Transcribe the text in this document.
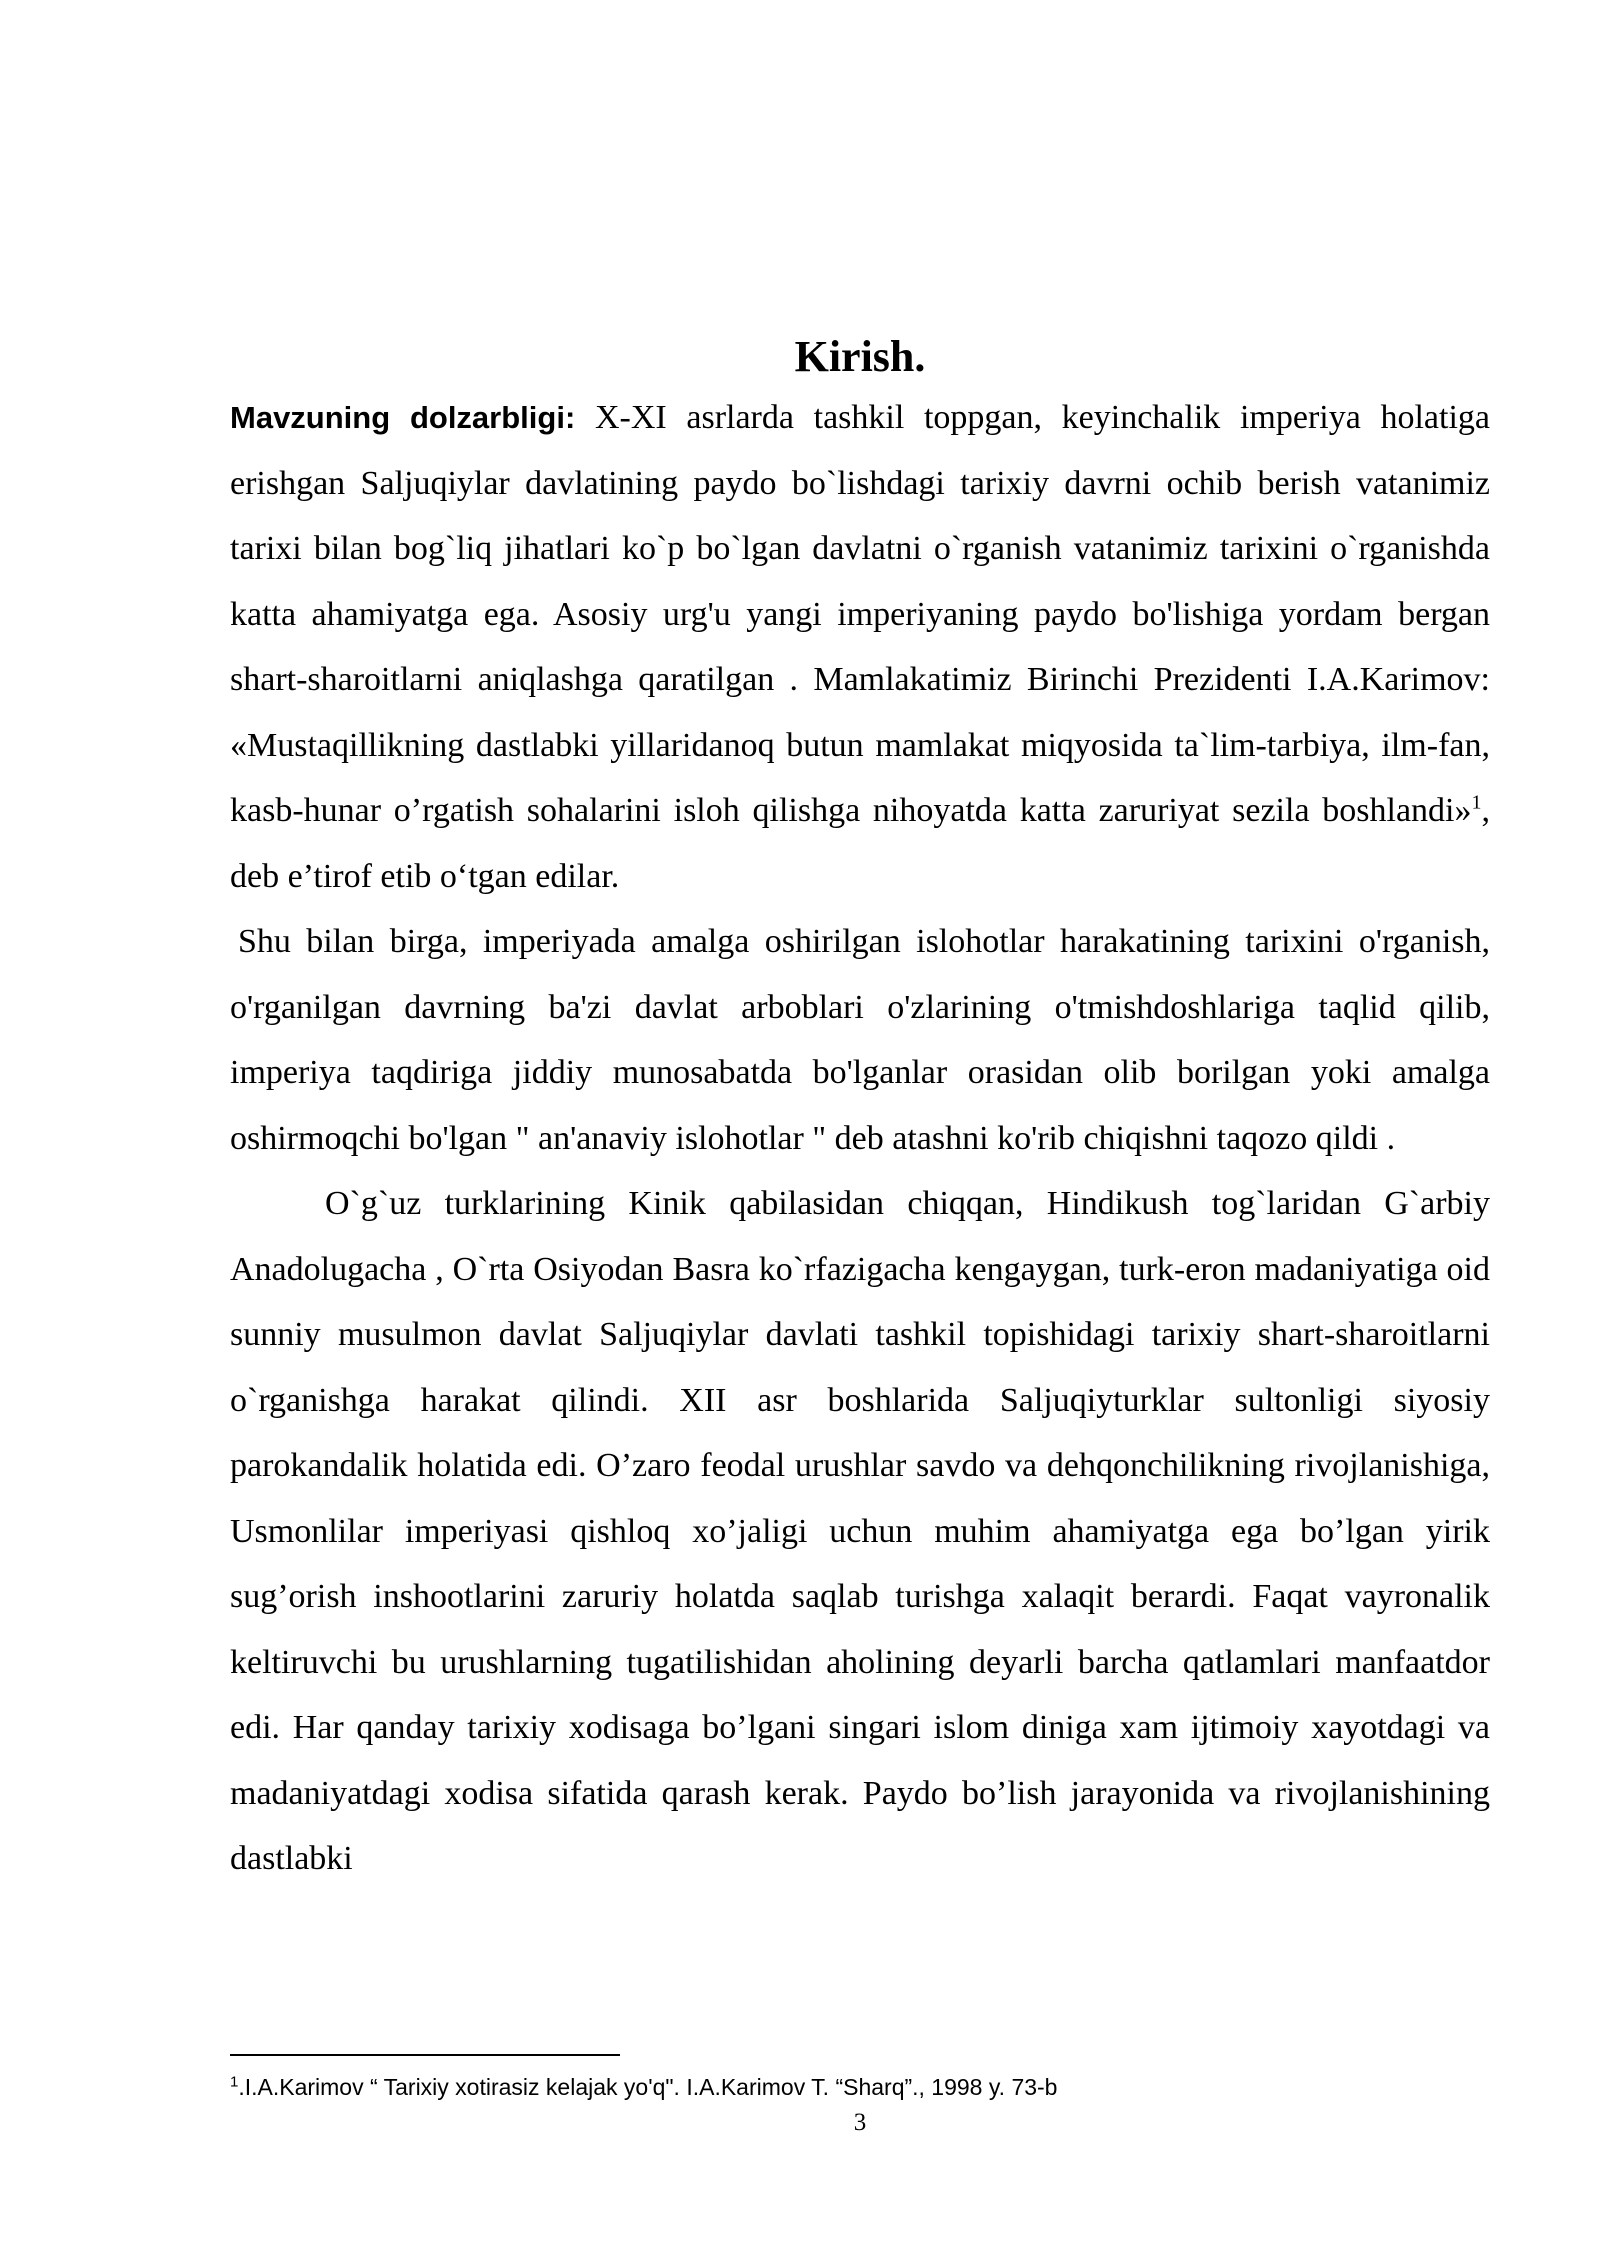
Kirish.

Mavzuning dolzarbligi: X-XI asrlarda tashkil toppgan, keyinchalik imperiya holatiga erishgan Saljuqiylar davlatining paydo bo`lishdagi tarixiy davrni ochib berish vatanimiz tarixi bilan bog`liq jihatlari ko`p bo`lgan davlatni o`rganish vatanimiz tarixini o`rganishda katta ahamiyatga ega. Asosiy urg'u yangi imperiyaning paydo bo'lishiga yordam bergan shart-sharoitlarni aniqlashga qaratilgan . Mamlakatimiz Birinchi Prezidenti I.A.Karimov: «Mustaqillikning dastlabki yillaridanoq butun mamlakat miqyosida ta`lim-tarbiya, ilm-fan, kasb-hunar o’rgatish sohalarini isloh qilishga nihoyatda katta zaruriyat sezila boshlandi»$^1$, deb e’tirof etib o‘tgan edilar.

Shu bilan birga, imperiyada amalga oshirilgan islohotlar harakatining tarixini o'rganish, o'rganilgan davrning ba'zi davlat arboblari o'zlarining o'tmishdoshlariga taqlid qilib, imperiya taqdiriga jiddiy munosabatda bo'lganlar orasidan olib borilgan yoki amalga oshirmoqchi bo'lgan " an'anaviy islohotlar " deb atashni ko'rib chiqishni taqozo qildi .

O`g`uz turklarining Kinik qabilasidan chiqqan, Hindikush tog`laridan G`arbiy Anadolugacha , O`rta Osiyodan Basra ko`rfazigacha kengaygan, turk-eron madaniyatiga oid sunniy musulmon davlat Saljuqiylar davlati tashkil topishidagi tarixiy shart-sharoitlarni o`rganishga harakat qilindi. XII asr boshlarida Saljuqiyturklar sultonligi siyosiy parokandalik holatida edi. O’zaro feodal urushlar savdo va dehqonchilikning rivojlanishiga, Usmonlilar imperiyasi qishloq xo’jaligi uchun muhim ahamiyatga ega bo’lgan yirik sug’orish inshootlarini zaruriy holatda saqlab turishga xalaqit berardi. Faqat vayronalik keltiruvchi bu urushlarning tugatilishidan aholining deyarli barcha qatlamlari manfaatdor edi. Har qanday tarixiy xodisaga bo’lgani singari islom diniga xam ijtimoiy xayotdagi va madaniyatdagi xodisa sifatida qarash kerak. Paydo bo’lish jarayonida va rivojlanishining dastlabki

$^1$.I.A.Karimov “ Tarixiy xotirasiz kelajak yo'q". I.A.Karimov T. “Sharq”., 1998 y. 73-b

3
